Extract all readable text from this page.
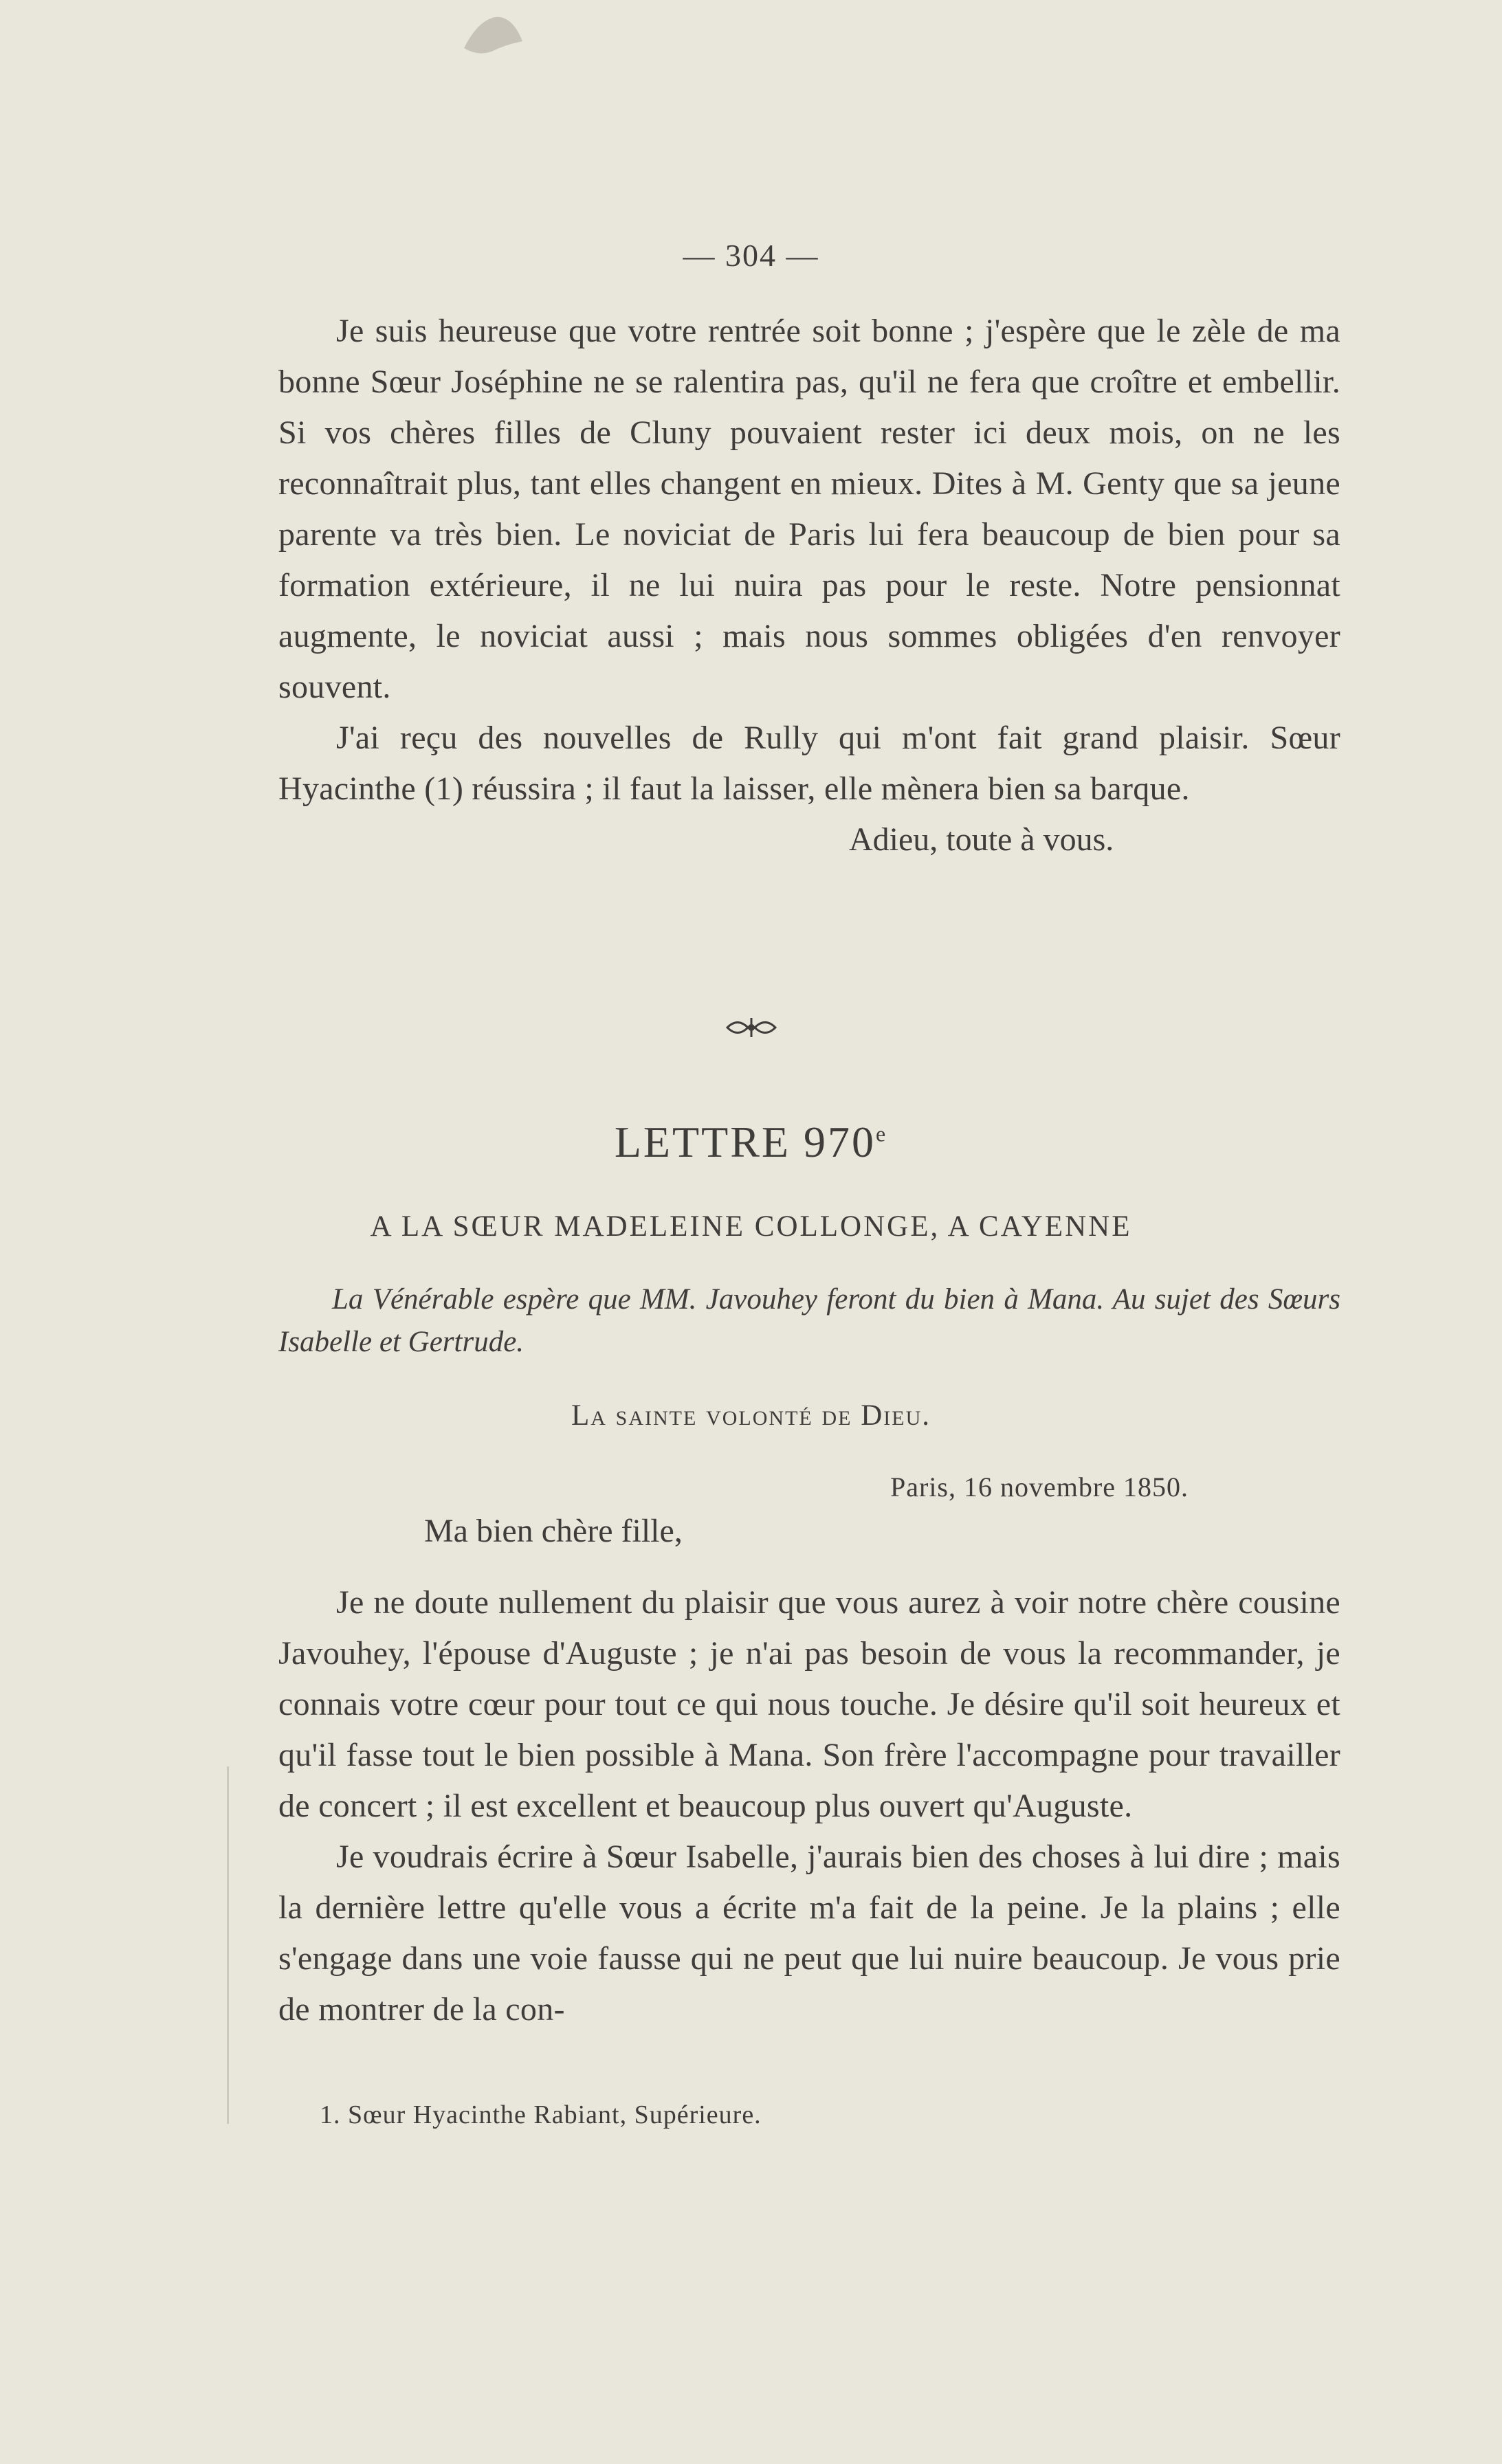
— 304 —

Je suis heureuse que votre rentrée soit bonne ; j'espère que le zèle de ma bonne Sœur Joséphine ne se ralentira pas, qu'il ne fera que croître et embellir. Si vos chères filles de Cluny pouvaient rester ici deux mois, on ne les reconnaîtrait plus, tant elles changent en mieux. Dites à M. Genty que sa jeune parente va très bien. Le noviciat de Paris lui fera beaucoup de bien pour sa formation extérieure, il ne lui nuira pas pour le reste. Notre pensionnat augmente, le noviciat aussi ; mais nous sommes obligées d'en renvoyer souvent.

J'ai reçu des nouvelles de Rully qui m'ont fait grand plaisir. Sœur Hyacinthe (1) réussira ; il faut la laisser, elle mènera bien sa barque.

Adieu, toute à vous.
LETTRE 970e
A LA SŒUR MADELEINE COLLONGE, A CAYENNE

La Vénérable espère que MM. Javouhey feront du bien à Mana. Au sujet des Sœurs Isabelle et Gertrude.

La sainte volonté de Dieu.
Paris, 16 novembre 1850.
Ma bien chère fille,

Je ne doute nullement du plaisir que vous aurez à voir notre chère cousine Javouhey, l'épouse d'Auguste ; je n'ai pas besoin de vous la recommander, je connais votre cœur pour tout ce qui nous touche. Je désire qu'il soit heureux et qu'il fasse tout le bien possible à Mana. Son frère l'accompagne pour travailler de concert ; il est excellent et beaucoup plus ouvert qu'Auguste.

Je voudrais écrire à Sœur Isabelle, j'aurais bien des choses à lui dire ; mais la dernière lettre qu'elle vous a écrite m'a fait de la peine. Je la plains ; elle s'engage dans une voie fausse qui ne peut que lui nuire beaucoup. Je vous prie de montrer de la con-

1. Sœur Hyacinthe Rabiant, Supérieure.
